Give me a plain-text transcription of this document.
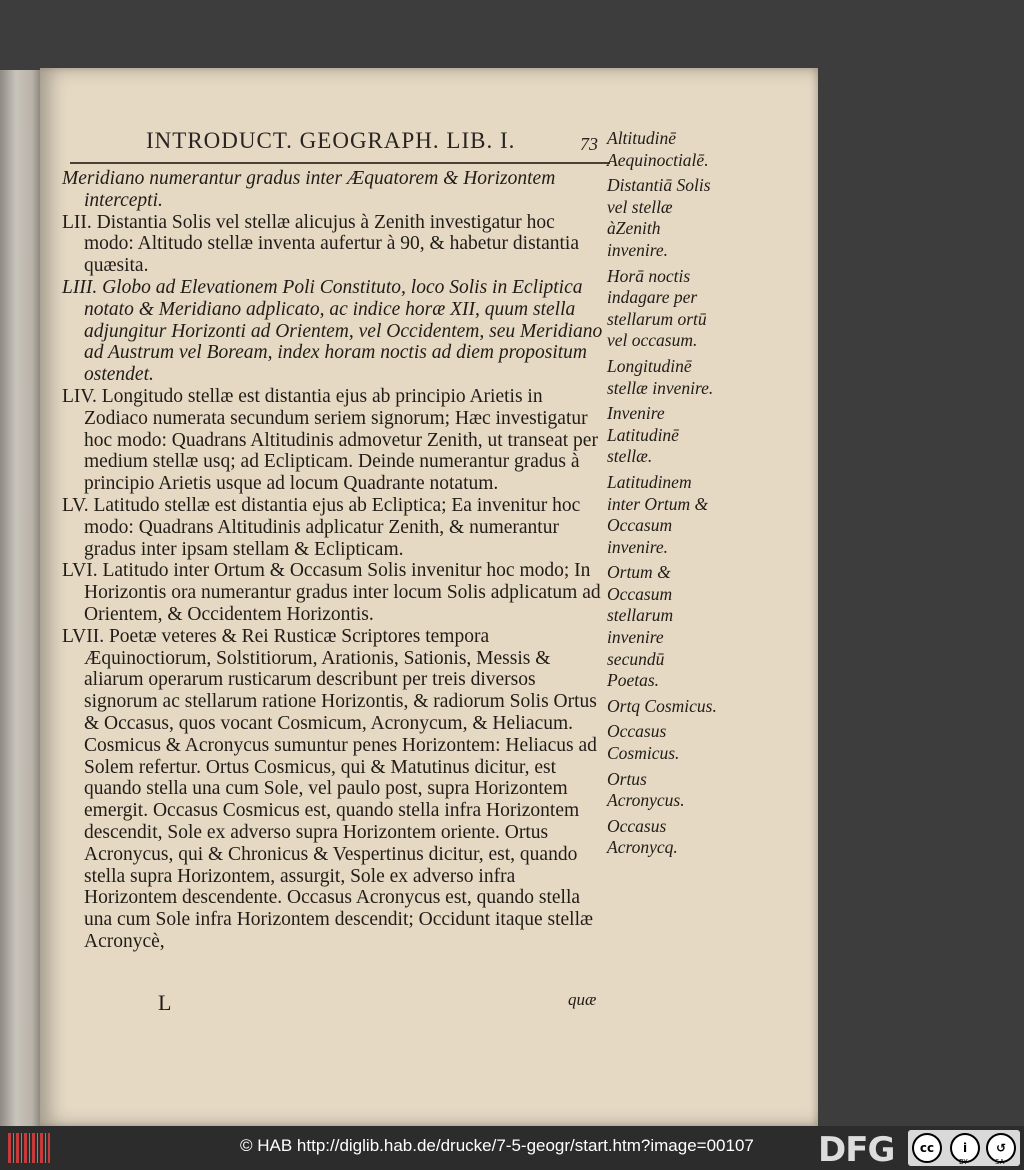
INTRODUCT. GEOGRAPH. LIB. I.	73

Meridiano numerantur gradus inter Æquatorem & Horizontem intercepti.

LII. Distantia Solis vel stellæ alicujus à Zenith investigatur hoc modo: Altitudo stellæ inventa aufertur à 90, & habetur distantia quæsita.

LIII. Globo ad Elevationem Poli Constituto, loco Solis in Ecliptica notato & Meridiano adplicato, ac indice horæ XII, quum stella adjungitur Horizonti ad Orientem, vel Occidentem, seu Meridiano ad Austrum vel Boream, index horam noctis ad diem propositum ostendet.

LIV. Longitudo stellæ est distantia ejus ab principio Arietis in Zodiaco numerata secundum seriem signorum; Hæc investigatur hoc modo: Quadrans Altitudinis admovetur Zenith, ut transeat per medium stellæ usq; ad Eclipticam. Deinde numerantur gradus à principio Arietis usque ad locum Quadrante notatum.

LV. Latitudo stellæ est distantia ejus ab Ecliptica; Ea invenitur hoc modo: Quadrans Altitudinis adplicatur Zenith, & numerantur gradus inter ipsam stellam & Eclipticam.

LVI. Latitudo inter Ortum & Occasum Solis invenitur hoc modo; In Horizontis ora numerantur gradus inter locum Solis adplicatum ad Orientem, & Occidentem Horizontis.

LVII. Poetæ veteres & Rei Rusticæ Scriptores tempora Æquinoctiorum, Solstitiorum, Arationis, Sationis, Messis & aliarum operarum rusticarum describunt per treis diversos signorum ac stellarum ratione Horizontis, & radiorum Solis Ortus & Occasus, quos vocant Cosmicum, Acronycum, & Heliacum. Cosmicus & Acronycus sumuntur penes Horizontem: Heliacus ad Solem refertur. Ortus Cosmicus, qui & Matutinus dicitur, est quando stella una cum Sole, vel paulo post, supra Horizontem emergit. Occasus Cosmicus est, quando stella infra Horizontem descendit, Sole ex adverso supra Horizontem oriente. Ortus Acronycus, qui & Chronicus & Vespertinus dicitur, est, quando stella supra Horizontem, assurgit, Sole ex adverso infra Horizontem descendente. Occasus Acronycus est, quando stella una cum Sole infra Horizontem descendit; Occidunt itaque stellæ Acronycè,

L	quæ
Altitudinē Aequinoctialē.
Distantiā Solis vel stellæ àZenith invenire.
Horā noctis indagare per stellarum ortū vel occasum.
Longitudinē stellæ invenire.
Invenire Latitudinē stellæ.
Latitudinem inter Ortum & Occasum invenire.
Ortum & Occasum stellarum invenire secundū Poetas.
Ortq Cosmicus.
Occasus Cosmicus.
Ortus Acronycus.
Occasus Acronycq.
© HAB http://diglib.hab.de/drucke/7-5-geogr/start.htm?image=00107 DFG	cc	i	↺
BY	SA
